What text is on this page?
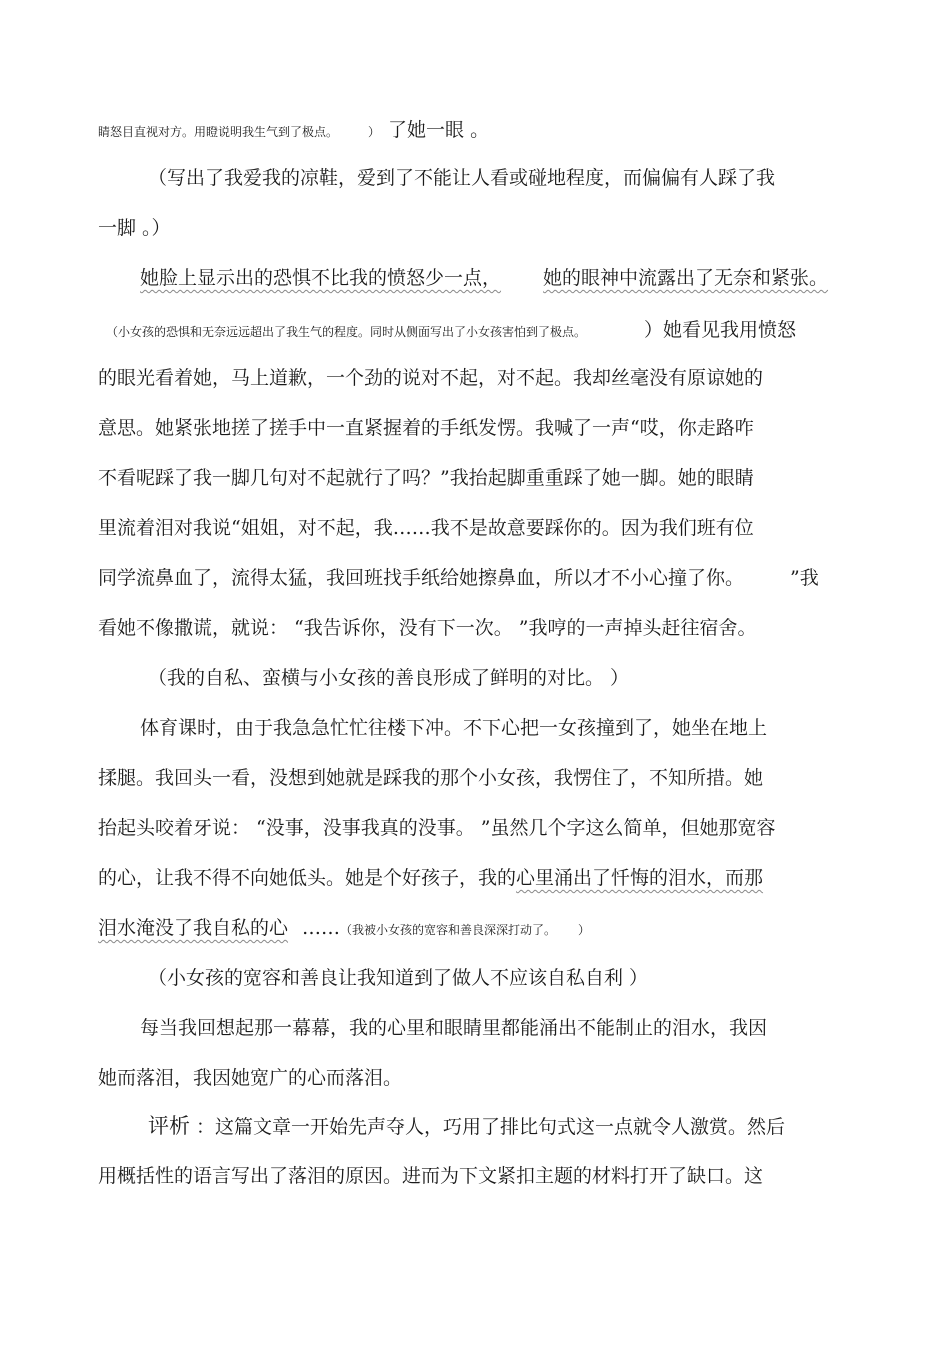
睛怒目直视对方。用瞪说明我生气到了极点。	） 了她一眼 。
（写出了我爱我的凉鞋，爱到了不能让人看或碰地程度，而偏偏有人踩了我
一脚 。）
她脸上显示出的恐惧不比我的愤怒少一点， 她的眼神中流露出了无奈和紧张。
（小女孩的恐惧和无奈远远超出了我生气的程度。同时从侧面写出了小女孩害怕到了极点。	）她看见我用愤怒
的眼光看着她，马上道歉，一个劲的说对不起，对不起。我却丝毫没有原谅她的
意思。她紧张地搓了搓手中一直紧握着的手纸发愣。我喊了一声“哎，你走路咋
不看呢踩了我一脚几句对不起就行了吗？”我抬起脚重重踩了她一脚。她的眼睛
里流着泪对我说“姐姐，对不起，我……我不是故意要踩你的。因为我们班有位
同学流鼻血了，流得太猛，我回班找手纸给她擦鼻血，所以才不小心撞了你。 ”我
看她不像撒谎，就说： “我告诉你，没有下一次。 ”我哼的一声掉头赶往宿舍。
（我的自私、蛮横与小女孩的善良形成了鲜明的对比。 ）
体育课时，由于我急急忙忙往楼下冲。不下心把一女孩撞到了，她坐在地上
揉腿。我回头一看，没想到她就是踩我的那个小女孩，我愣住了，不知所措。她
抬起头咬着牙说： “没事，没事我真的没事。 ”虽然几个字这么简单，但她那宽容
的心，让我不得不向她低头。她是个好孩子，我的心里涌出了忏悔的泪水，而那
泪水淹没了我自私的心 ……（我被小女孩的宽容和善良深深打动了。 ）
（小女孩的宽容和善良让我知道到了做人不应该自私自利 ）
每当我回想起那一幕幕，我的心里和眼睛里都能涌出不能制止的泪水，我因
她而落泪，我因她宽广的心而落泪。
评析 ：这篇文章一开始先声夺人，巧用了排比句式这一点就令人激赏。然后
用概括性的语言写出了落泪的原因。进而为下文紧扣主题的材料打开了缺口。这
